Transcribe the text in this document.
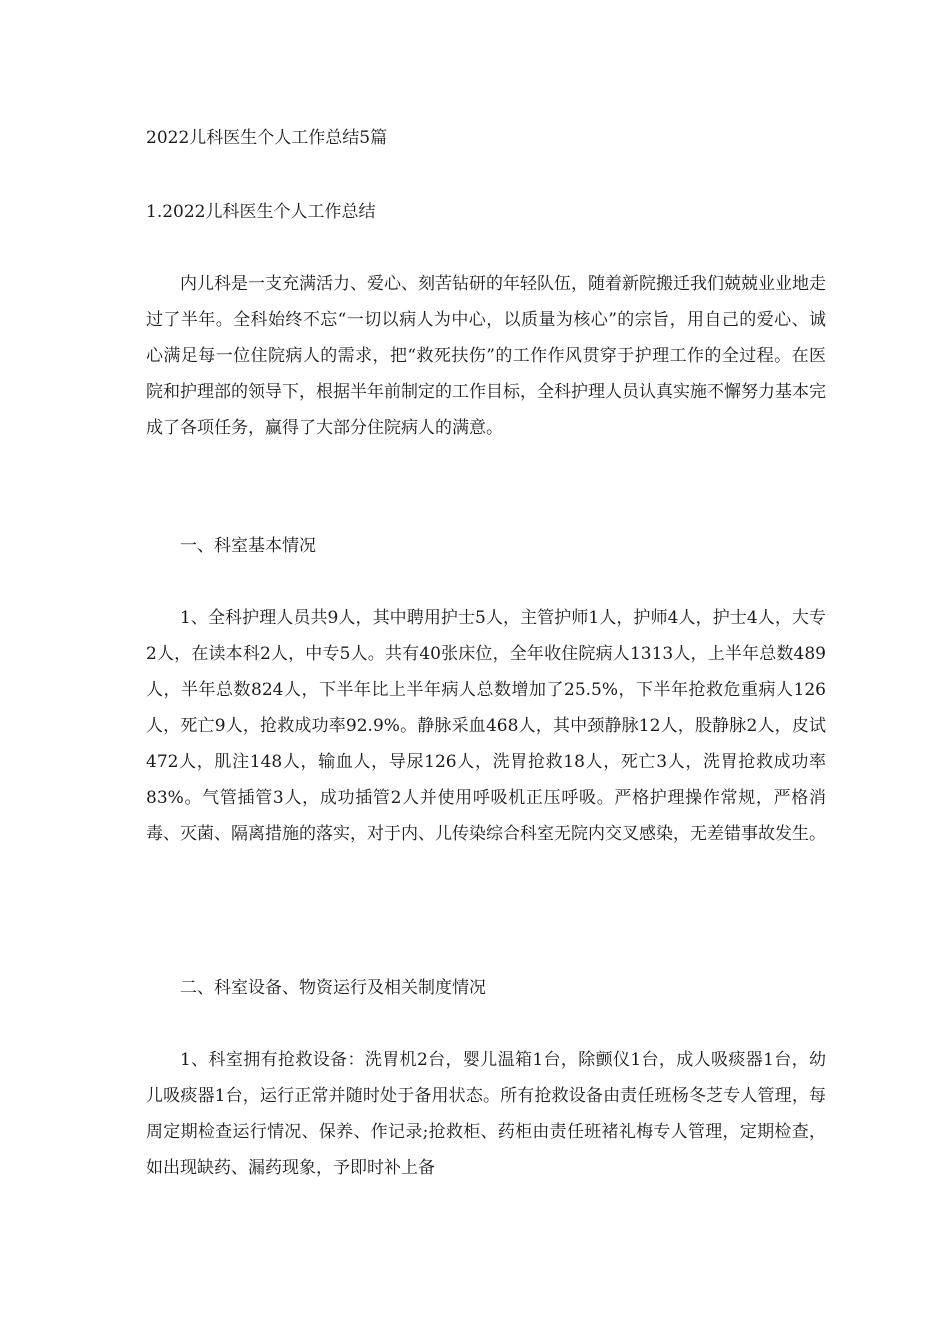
2022儿科医生个人工作总结5篇
1.2022儿科医生个人工作总结

内儿科是一支充满活力、爱心、刻苦钻研的年轻队伍，随着新院搬迁我们兢兢业业地走过了半年。全科始终不忘“一切以病人为中心，以质量为核心”的宗旨，用自己的爱心、诚心满足每一位住院病人的需求，把“救死扶伤”的工作作风贯穿于护理工作的全过程。在医院和护理部的领导下，根据半年前制定的工作目标，全科护理人员认真实施不懈努力基本完成了各项任务，赢得了大部分住院病人的满意。

一、科室基本情况

1、全科护理人员共9人，其中聘用护士5人，主管护师1人，护师4人，护士4人，大专2人，在读本科2人，中专5人。共有40张床位，全年收住院病人1313人，上半年总数489人，半年总数824人，下半年比上半年病人总数增加了25.5%，下半年抢救危重病人126人，死亡9人，抢救成功率92.9%。静脉采血468人，其中颈静脉12人，股静脉2人，皮试472人，肌注148人，输血人，导尿126人，洗胃抢救18人，死亡3人，洗胃抢救成功率83%。气管插管3人，成功插管2人并使用呼吸机正压呼吸。严格护理操作常规，严格消毒、灭菌、隔离措施的落实，对于内、儿传染综合科室无院内交叉感染，无差错事故发生。

二、科室设备、物资运行及相关制度情况

1、科室拥有抢救设备：洗胃机2台，婴儿温箱1台，除颤仪1台，成人吸痰器1台，幼儿吸痰器1台，运行正常并随时处于备用状态。所有抢救设备由责任班杨冬芝专人管理，每周定期检查运行情况、保养、作记录;抢救柜、药柜由责任班褚礼梅专人管理，定期检查，如出现缺药、漏药现象，予即时补上备
